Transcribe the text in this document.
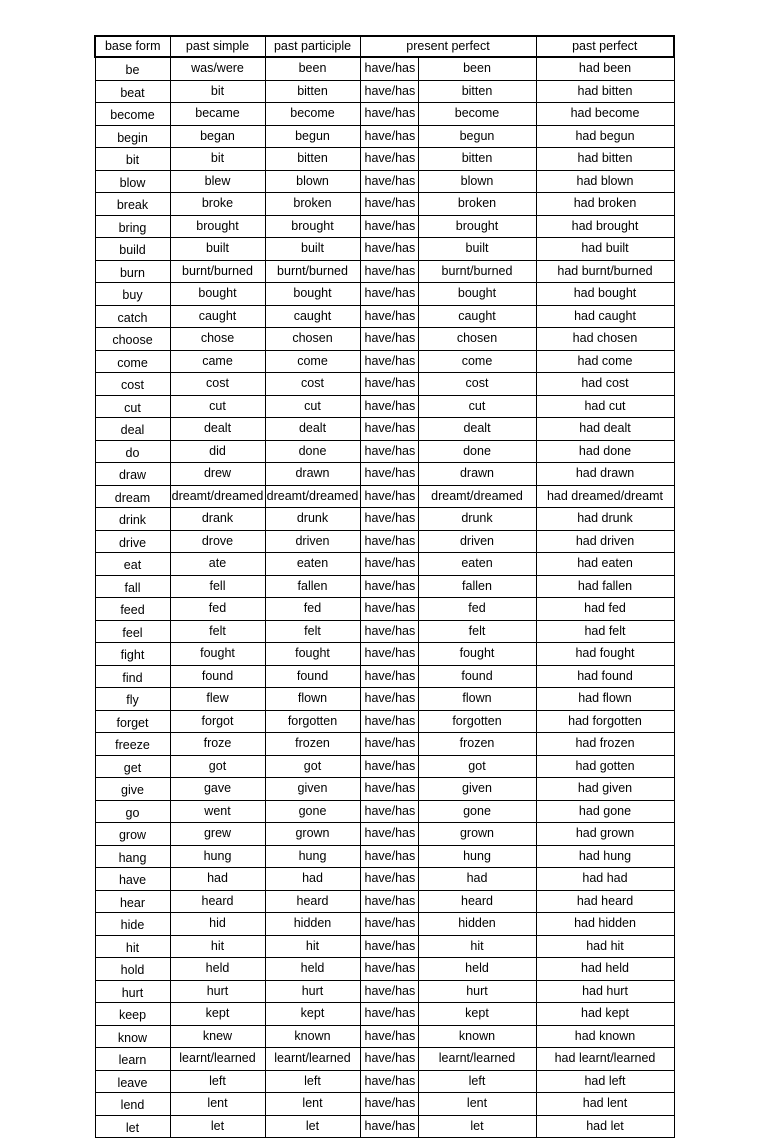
base form	past simple	past participle	present perfect		past perfect
be	was/were	been	have/has	been	had been
beat	bit	bitten	have/has	bitten	had bitten
become	became	become	have/has	become	had become
begin	began	begun	have/has	begun	had begun
bit	bit	bitten	have/has	bitten	had bitten
blow	blew	blown	have/has	blown	had blown
break	broke	broken	have/has	broken	had broken
bring	brought	brought	have/has	brought	had brought
build	built	built	have/has	built	had built
burn	burnt/burned	burnt/burned	have/has	burnt/burned	had burnt/burned
buy	bought	bought	have/has	bought	had bought
catch	caught	caught	have/has	caught	had caught
choose	chose	chosen	have/has	chosen	had chosen
come	came	come	have/has	come	had come
cost	cost	cost	have/has	cost	had cost
cut	cut	cut	have/has	cut	had cut
deal	dealt	dealt	have/has	dealt	had dealt
do	did	done	have/has	done	had done
draw	drew	drawn	have/has	drawn	had drawn
dream	dreamt/dreamed	dreamt/dreamed	have/has	dreamt/dreamed	had dreamed/dreamt
drink	drank	drunk	have/has	drunk	had drunk
drive	drove	driven	have/has	driven	had driven
eat	ate	eaten	have/has	eaten	had eaten
fall	fell	fallen	have/has	fallen	had fallen
feed	fed	fed	have/has	fed	had fed
feel	felt	felt	have/has	felt	had felt
fight	fought	fought	have/has	fought	had fought
find	found	found	have/has	found	had found
fly	flew	flown	have/has	flown	had flown
forget	forgot	forgotten	have/has	forgotten	had forgotten
freeze	froze	frozen	have/has	frozen	had frozen
get	got	got	have/has	got	had gotten
give	gave	given	have/has	given	had given
go	went	gone	have/has	gone	had gone
grow	grew	grown	have/has	grown	had grown
hang	hung	hung	have/has	hung	had hung
have	had	had	have/has	had	had had
hear	heard	heard	have/has	heard	had heard
hide	hid	hidden	have/has	hidden	had hidden
hit	hit	hit	have/has	hit	had hit
hold	held	held	have/has	held	had held
hurt	hurt	hurt	have/has	hurt	had hurt
keep	kept	kept	have/has	kept	had kept
know	knew	known	have/has	known	had known
learn	learnt/learned	learnt/learned	have/has	learnt/learned	had learnt/learned
leave	left	left	have/has	left	had left
lend	lent	lent	have/has	lent	had lent
let	let	let	have/has	let	had let
